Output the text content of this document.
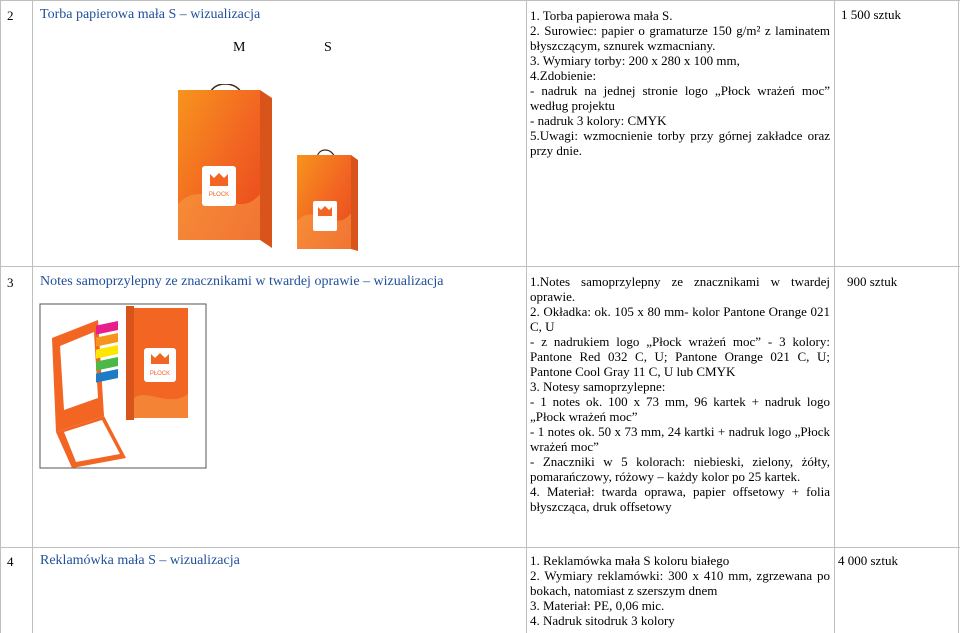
2 Torba papierowa mała S – wizualizacja
M	S
PŁOCK
1. Torba papierowa mała S.
2. Surowiec: papier o gramaturze 150 g/m² z laminatem błyszczącym, sznurek wzmacniany.
3. Wymiary torby: 200 x 280 x 100 mm,
4.Zdobienie:
- nadruk na jednej stronie logo „Płock wrażeń moc” według projektu
- nadruk 3 kolory: CMYK
5.Uwagi: wzmocnienie torby przy górnej zakładce oraz przy dnie.
1 500 sztuk
3 Notes samoprzylepny ze znacznikami w twardej oprawie – wizualizacja
PŁOCK
1.Notes samoprzylepny ze znacznikami w twardej oprawie.
2. Okładka: ok. 105 x 80 mm- kolor Pantone Orange 021 C, U
- z nadrukiem logo „Płock wrażeń moc” - 3 kolory: Pantone Red 032 C, U; Pantone Orange 021 C, U; Pantone Cool Gray 11 C, U lub CMYK
3. Notesy samoprzylepne:
- 1 notes ok. 100 x 73 mm, 96 kartek + nadruk logo „Płock wrażeń moc”
- 1 notes ok. 50 x 73 mm, 24 kartki + nadruk logo „Płock wrażeń moc”
- Znaczniki w 5 kolorach: niebieski, zielony, żółty, pomarańczowy, różowy – każdy kolor po 25 kartek.
4. Materiał: twarda oprawa, papier offsetowy + folia błyszcząca, druk offsetowy
900 sztuk
4 Reklamówka mała S – wizualizacja	1. Reklamówka mała S koloru białego
2. Wymiary reklamówki: 300 x 410 mm, zgrzewana po bokach, natomiast z szerszym dnem
3. Materiał: PE, 0,06 mic.
4. Nadruk sitodruk 3 kolory
4 000 sztuk
